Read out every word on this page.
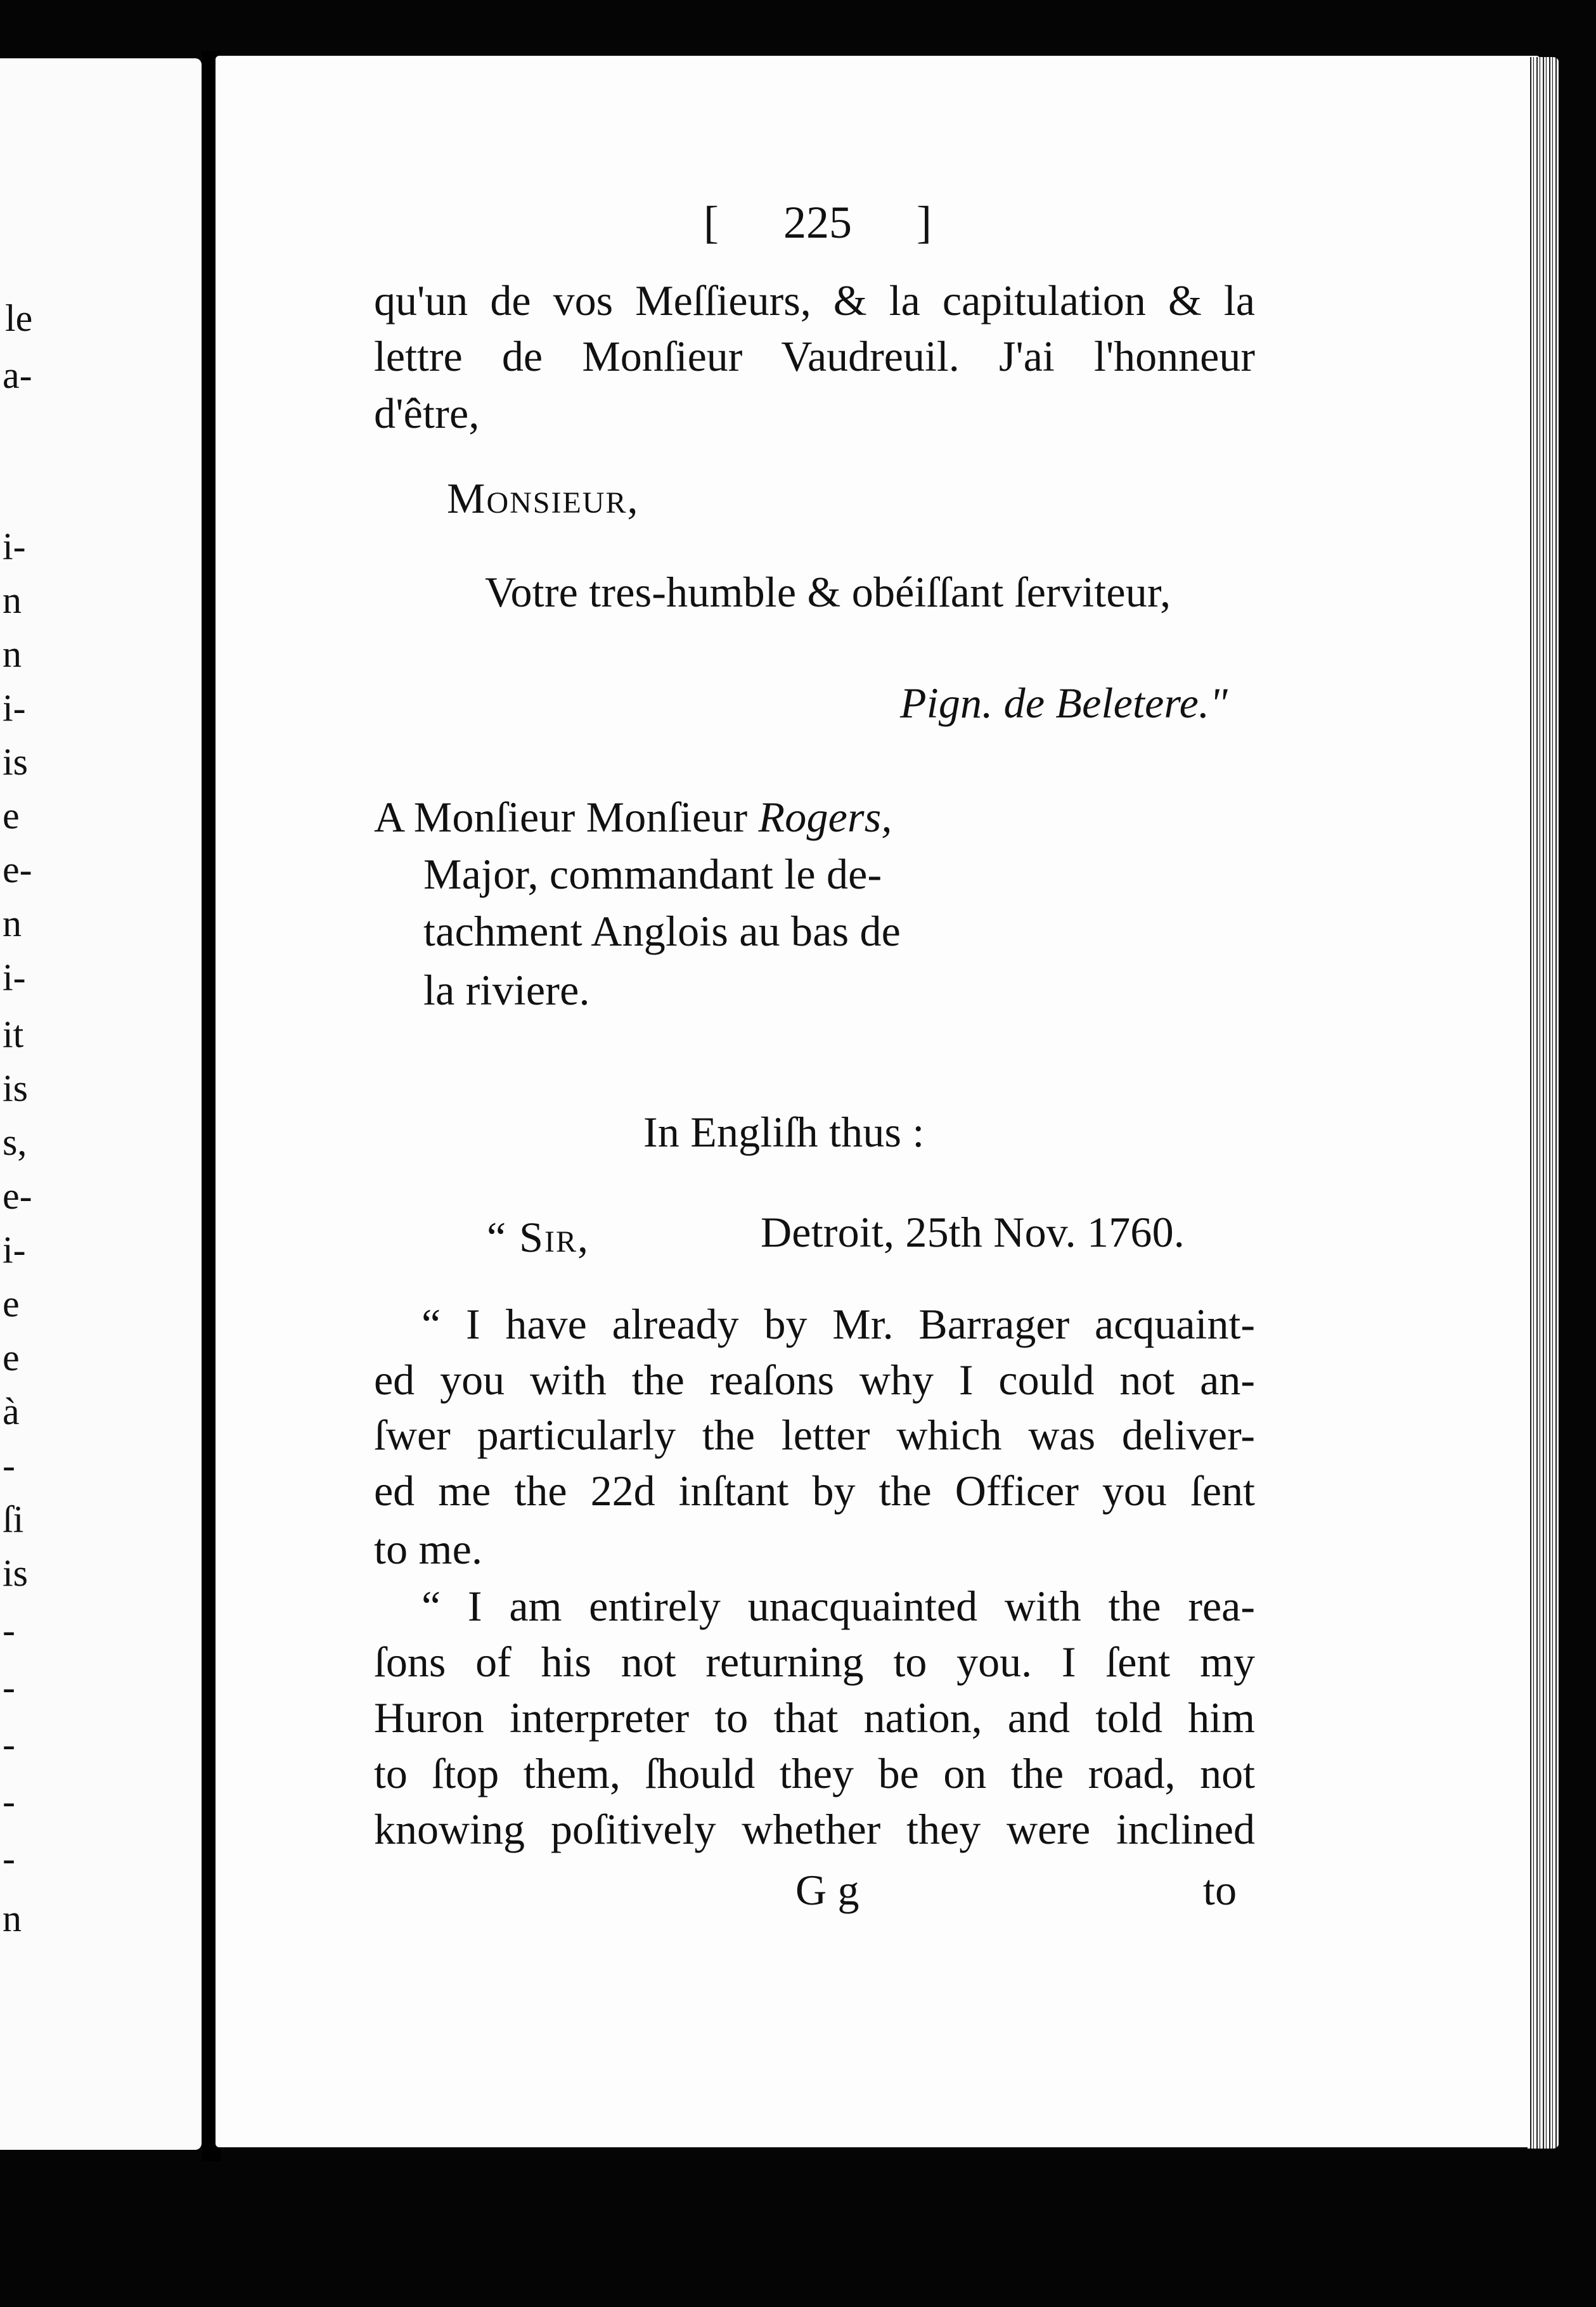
le
a-
i-
n
n
i-
is
e
e-
n
i-
it
is
s,
e-
i-
e
e
à
-
ſi
is
-
-
-
-
-
n
[ 225 ]
qu'un de vos Meſſieurs, & la capitulation & la
lettre de Monſieur Vaudreuil. J'ai l'honneur
d'être,
Monsieur,
Votre tres-humble & obéiſſant ſerviteur,
Pign. de Beletere."
A Monſieur Monſieur Rogers,
Major, commandant le de-
tachment Anglois au bas de
la riviere.
In Engliſh thus :
“ Sir,	Detroit, 25th Nov. 1760.
“ I have already by Mr. Barrager acquaint-
ed you with the reaſons why I could not an-
ſwer particularly the letter which was deliver-
ed me the 22d inſtant by the Officer you ſent
to me.
“ I am entirely unacquainted with the rea-
ſons of his not returning to you. I ſent my
Huron interpreter to that nation, and told him
to ſtop them, ſhould they be on the road, not
knowing poſitively whether they were inclined
G g	to
